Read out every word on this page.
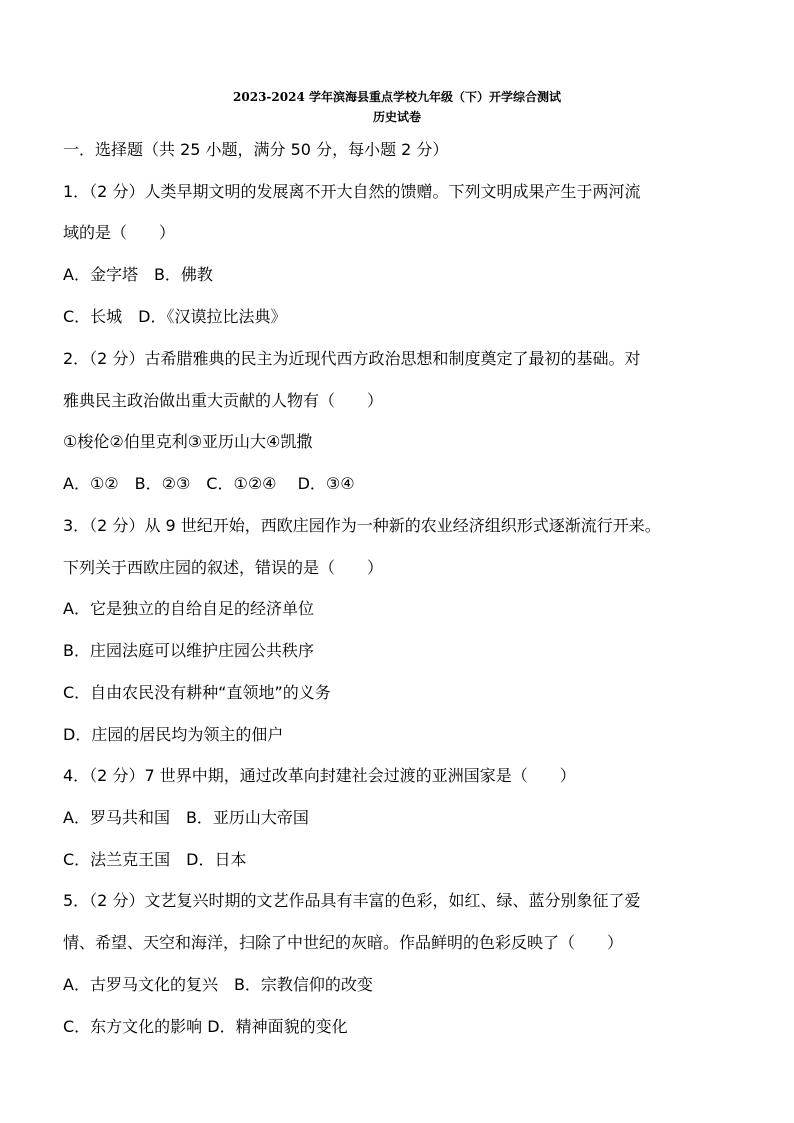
2023-2024 学年滨海县重点学校九年级（下）开学综合测试
历史试卷
一．选择题（共 25 小题，满分 50 分，每小题 2 分）
1．（2 分）人类早期文明的发展离不开大自然的馈赠。下列文明成果产生于两河流
域的是（　　）
A．金字塔　B．佛教
C．长城　D．《汉谟拉比法典》
2．（2 分）古希腊雅典的民主为近现代西方政治思想和制度奠定了最初的基础。对
雅典民主政治做出重大贡献的人物有（　　）
①梭伦②伯里克利③亚历山大④凯撒
A．①②　B．②③　C．①②④　 D．③④
3．（2 分）从 9 世纪开始，西欧庄园作为一种新的农业经济组织形式逐渐流行开来。
下列关于西欧庄园的叙述，错误的是（　　）
A．它是独立的自给自足的经济单位
B．庄园法庭可以维护庄园公共秩序
C．自由农民没有耕种“直领地”的义务
D．庄园的居民均为领主的佃户
4．（2 分）7 世界中期，通过改革向封建社会过渡的亚洲国家是（　　）
A．罗马共和国　B．亚历山大帝国
C．法兰克王国　D．日本
5．（2 分）文艺复兴时期的文艺作品具有丰富的色彩，如红、绿、蓝分别象征了爱
情、希望、天空和海洋，扫除了中世纪的灰暗。作品鲜明的色彩反映了（　　）
A．古罗马文化的复兴　B．宗教信仰的改变
C．东方文化的影响 D．精神面貌的变化
